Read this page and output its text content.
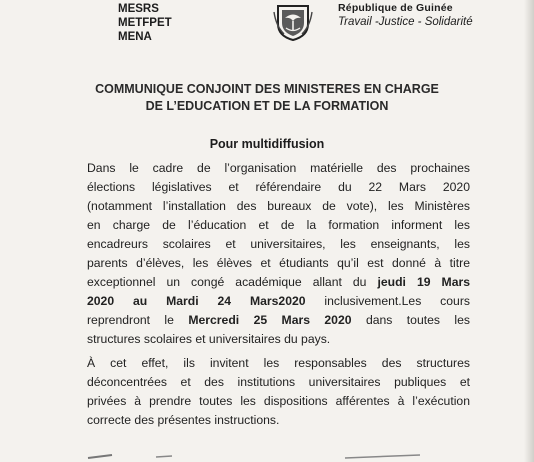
MESRS
METFPET
MENA
République de Guinée
Travail -Justice - Solidarité
COMMUNIQUE CONJOINT DES MINISTERES EN CHARGE
DE L’EDUCATION ET DE LA FORMATION
Pour multidiffusion
Dans le cadre de l’organisation matérielle des prochaines
élections législatives et référendaire du 22 Mars 2020
(notamment l’installation des bureaux de vote), les Ministères
en charge de l’éducation et de la formation informent les
encadreurs scolaires et universitaires, les enseignants, les
parents d’élèves, les élèves et étudiants qu’il est donné à titre
exceptionnel un congé académique allant du jeudi 19 Mars
2020 au Mardi 24 Mars2020 inclusivement.Les cours
reprendront le Mercredi 25 Mars 2020 dans toutes les
structures scolaires et universitaires du pays.
À cet effet, ils invitent les responsables des structures
déconcentrées et des institutions universitaires publiques et
privées à prendre toutes les dispositions afférentes à l’exécution
correcte des présentes instructions.
